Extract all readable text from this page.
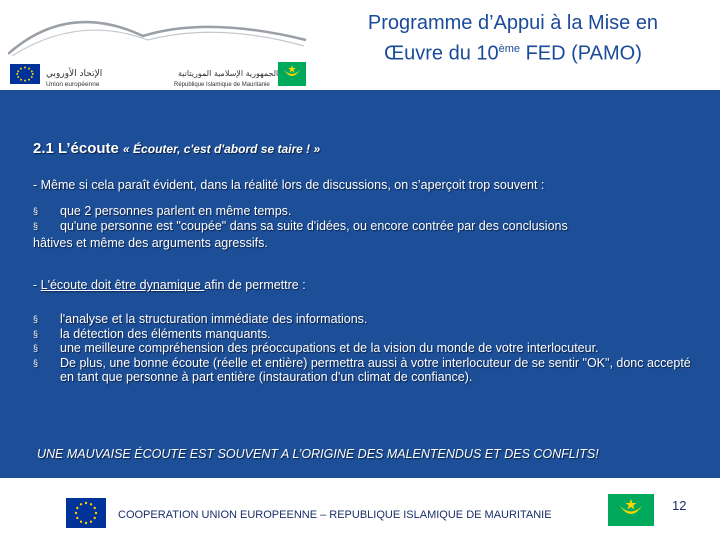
الإتحاد الأوروبي
Union européenne
الجمهورية الإسلامية الموريتانية
République Islamique de Mauritanie
Programme d’Appui à la Mise en
Œuvre du 10ème FED (PAMO)
2.1 L’écoute « Écouter, c'est d'abord se taire ! »
- Même si cela paraît évident, dans la réalité lors de discussions, on s’aperçoit trop souvent :
§ que 2 personnes parlent en même temps.
§ qu'une personne est "coupée" dans sa suite d'idées, ou encore contrée par des conclusions
hâtives et même des arguments agressifs.
- L'écoute doit être dynamique afin de permettre :
§ l'analyse et la structuration immédiate des informations.
§ la détection des éléments manquants.
§ une meilleure compréhension des préoccupations et de la vision du monde de votre interlocuteur.
§ De plus, une bonne écoute (réelle et entière) permettra aussi à votre interlocuteur de se sentir "OK", donc accepté en tant que personne à part entière (instauration d'un climat de confiance).
UNE MAUVAISE ÉCOUTE EST SOUVENT A L’ORIGINE DES MALENTENDUS ET DES CONFLITS!
COOPERATION UNION EUROPEENNE – REPUBLIQUE ISLAMIQUE DE MAURITANIE
12
